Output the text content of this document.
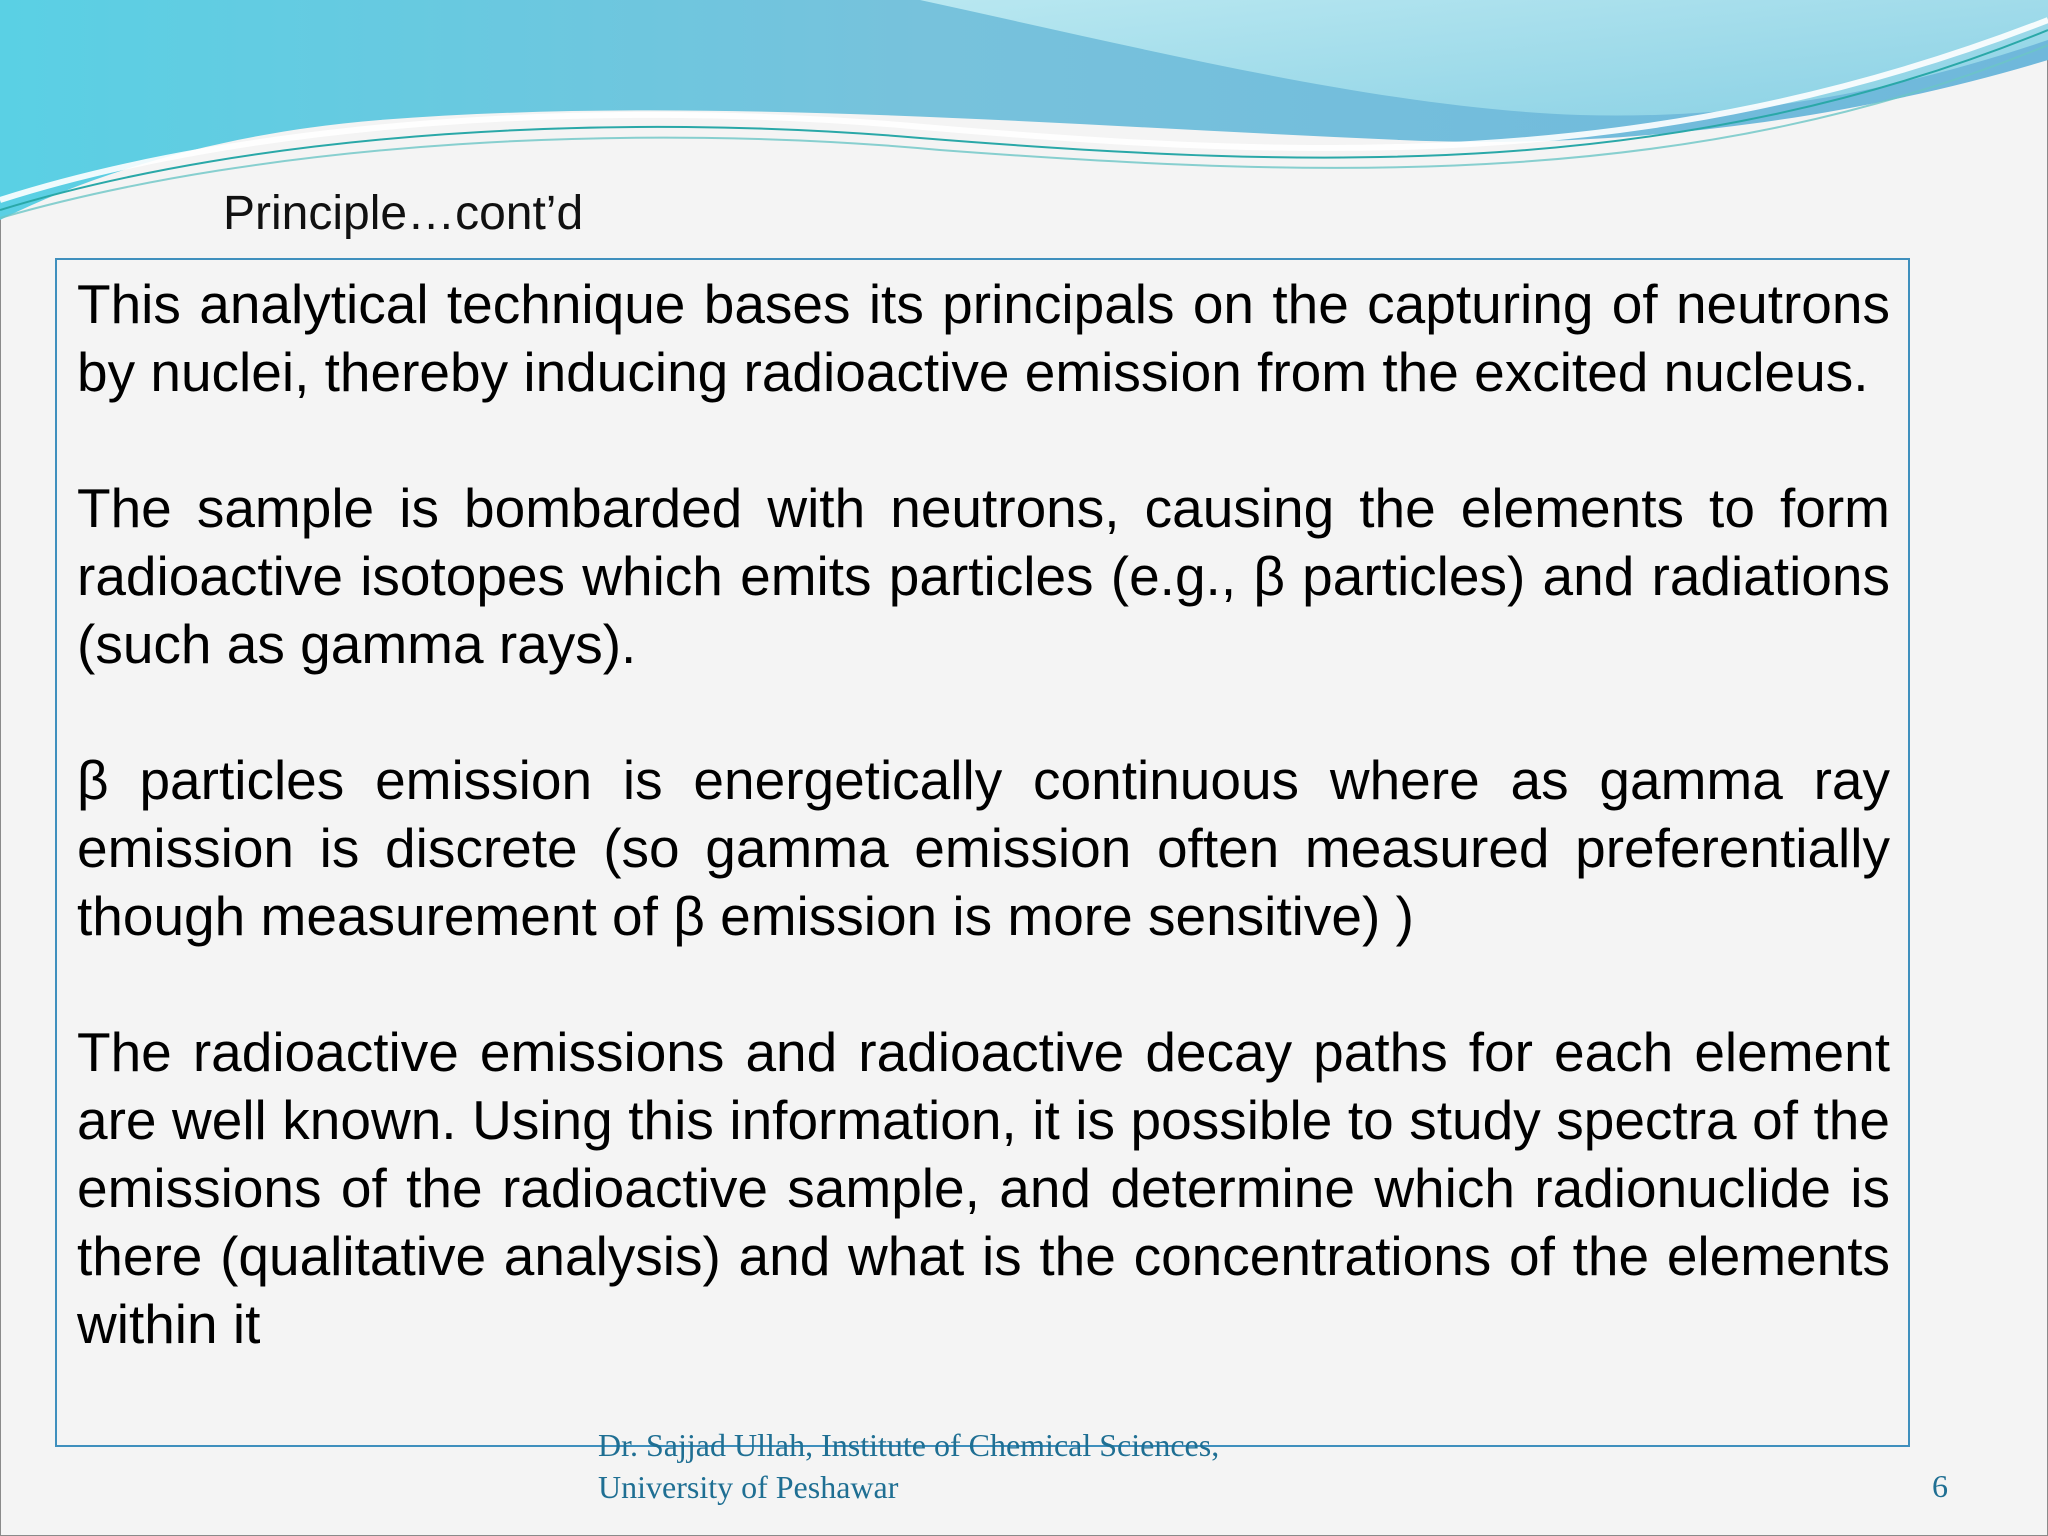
Principle…cont’d

This analytical technique bases its principals on the capturing of neutrons by nuclei, thereby inducing radioactive emission from the excited nucleus.

The sample is bombarded with neutrons, causing the elements to form radioactive isotopes which emits particles (e.g., β particles) and radiations (such as gamma rays).

β particles emission is energetically continuous where as gamma ray emission is discrete (so gamma emission often measured preferentially though measurement of β emission is more sensitive) )

The radioactive emissions and radioactive decay paths for each element are well known. Using this information, it is possible to study spectra of the emissions of the radioactive sample, and determine which radionuclide is there (qualitative analysis) and what is the concentrations of the elements within it

Dr. Sajjad Ullah, Institute of Chemical Sciences,
University of Peshawar	6
